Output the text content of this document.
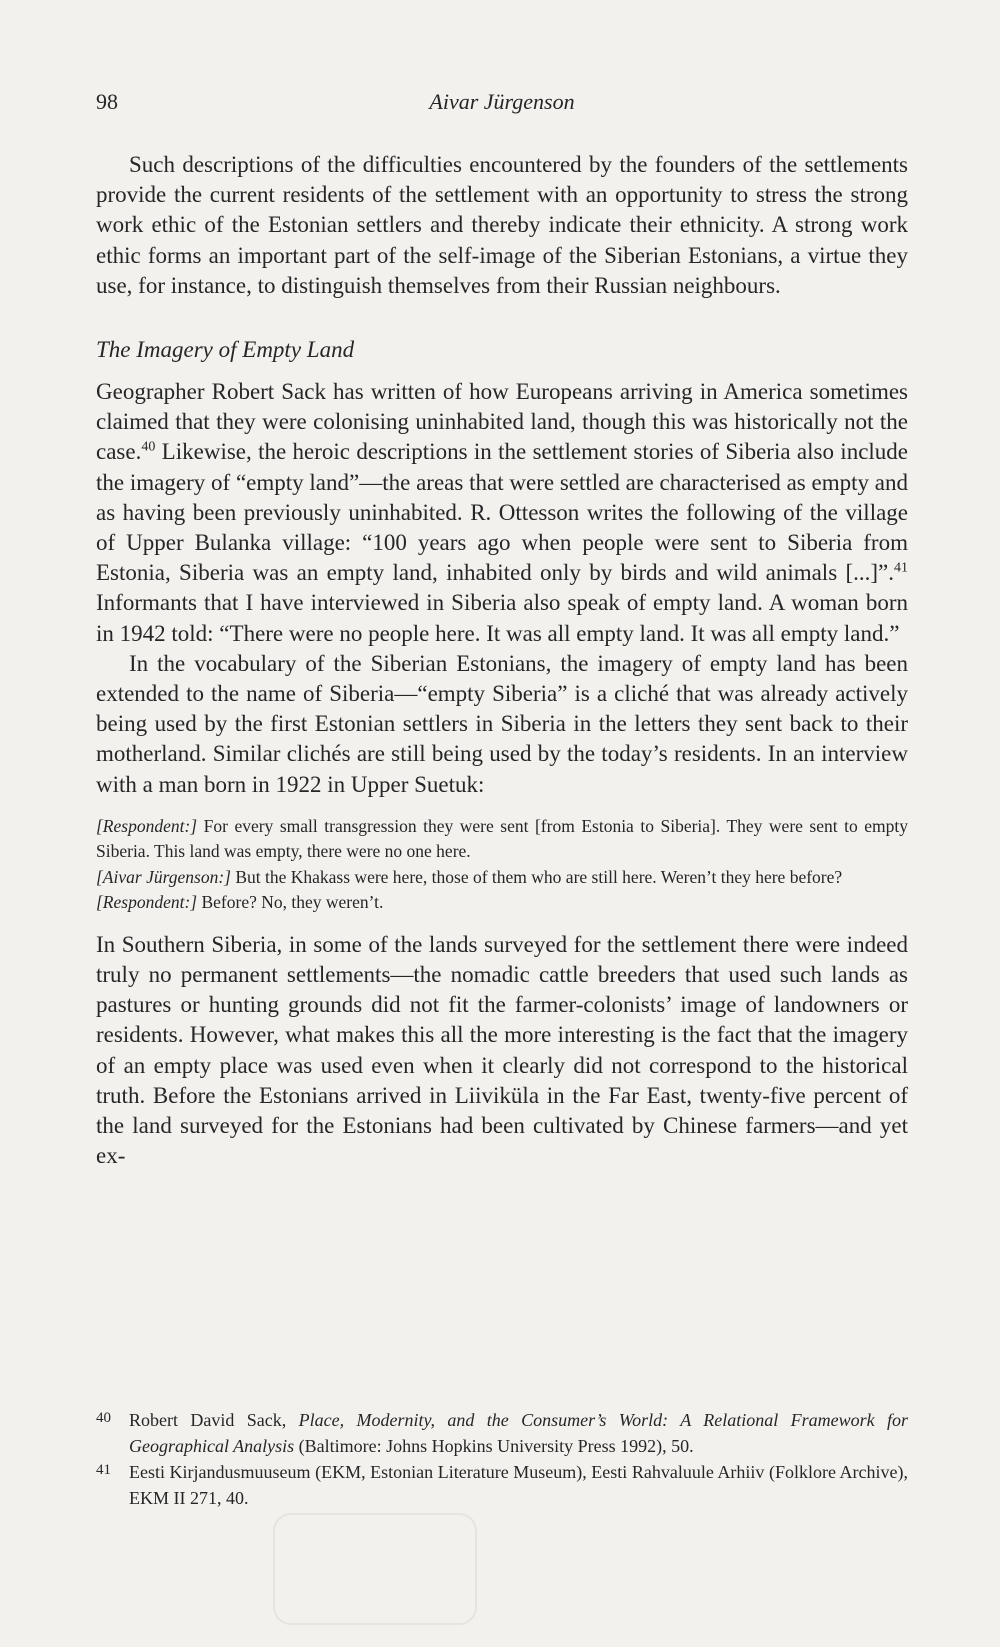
98	Aivar Jürgenson

Such descriptions of the difficulties encountered by the founders of the settlements provide the current residents of the settlement with an opportunity to stress the strong work ethic of the Estonian settlers and thereby indicate their ethnicity. A strong work ethic forms an important part of the self-image of the Siberian Estonians, a virtue they use, for instance, to distinguish themselves from their Russian neighbours.

The Imagery of Empty Land

Geographer Robert Sack has written of how Europeans arriving in America sometimes claimed that they were colonising uninhabited land, though this was historically not the case.$^{40}$ Likewise, the heroic descriptions in the settlement stories of Siberia also include the imagery of “empty land”—the areas that were settled are characterised as empty and as having been previously uninhabited. R. Ottesson writes the following of the village of Upper Bulanka village: “100 years ago when people were sent to Siberia from Estonia, Siberia was an empty land, inhabited only by birds and wild animals [...]”.$^{41}$ Informants that I have interviewed in Siberia also speak of empty land. A woman born in 1942 told: “There were no people here. It was all empty land. It was all empty land.”

In the vocabulary of the Siberian Estonians, the imagery of empty land has been extended to the name of Siberia—“empty Siberia” is a cliché that was already actively being used by the first Estonian settlers in Siberia in the letters they sent back to their motherland. Similar clichés are still being used by the today’s residents. In an interview with a man born in 1922 in Upper Suetuk:

[Respondent:] For every small transgression they were sent [from Estonia to Siberia]. They were sent to empty Siberia. This land was empty, there were no one here.

[Aivar Jürgenson:] But the Khakass were here, those of them who are still here. Weren’t they here before?

[Respondent:] Before? No, they weren’t.

In Southern Siberia, in some of the lands surveyed for the settlement there were indeed truly no permanent settlements—the nomadic cattle breeders that used such lands as pastures or hunting grounds did not fit the farmer-colonists’ image of landowners or residents. However, what makes this all the more interesting is the fact that the imagery of an empty place was used even when it clearly did not correspond to the historical truth. Before the Estonians arrived in Liiviküla in the Far East, twenty-five percent of the land surveyed for the Estonians had been cultivated by Chinese farmers—and yet ex-

40	Robert David Sack, Place, Modernity, and the Consumer’s World: A Relational Framework for Geographical Analysis (Baltimore: Johns Hopkins University Press 1992), 50.
41	Eesti Kirjandusmuuseum (EKM, Estonian Literature Museum), Eesti Rahvaluule Arhiiv (Folklore Archive), EKM II 271, 40.
